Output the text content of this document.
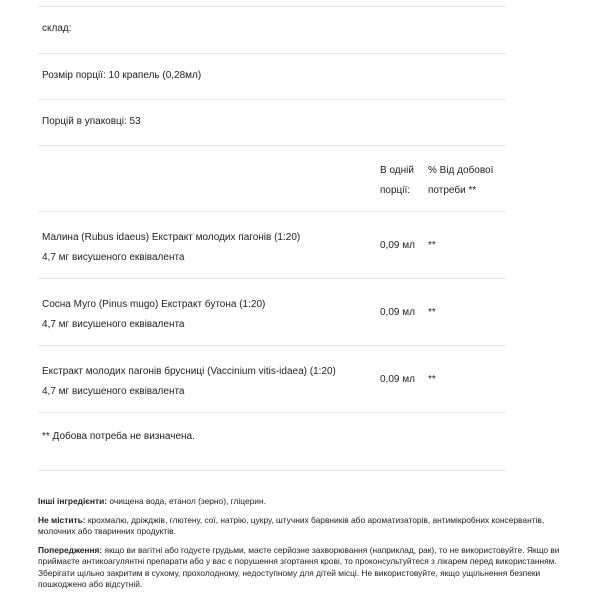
склад:
Розмір порції: 10 крапель (0,28мл)
Порцій в упаковці: 53
В одній
порції:
% Від добової
потреби **
Малина (Rubus idaeus) Екстракт молодих пагонів (1:20)
4,7 мг висушеного еквівалента
0,09 мл **
Сосна Муго (Pinus mugo) Екстракт бутона (1:20)
4,7 мг висушеного еквівалента
0,09 мл **
Екстракт молодих пагонів брусниці (Vaccinium vitis-idaea) (1:20)
4,7 мг висушеного еквівалента
0,09 мл **
** Добова потреба не визначена.

Інші інгредієнти: очищена вода, етанол (зерно), гліцерин.

Не містить: крохмалю, дріжджів, глютену, сої, натрію, цукру, штучних барвників або ароматизаторів, антимікробних консервантів, молочних або тваринних продуктів.

Попередження: якщо ви вагітні або годуєте грудьми, маєте серйозне захворювання (наприклад, рак), то не використовуйте. Якщо ви приймаєте антикоагулянтні препарати або у вас є порушення згортання крові, то проконсультуйтеся з лікарем перед використанням. Зберігати щільно закритим в сухому, прохолодному, недоступному для дітей місці. Не використовуйте, якщо ущільнення безпеки пошкоджено або відсутній.
